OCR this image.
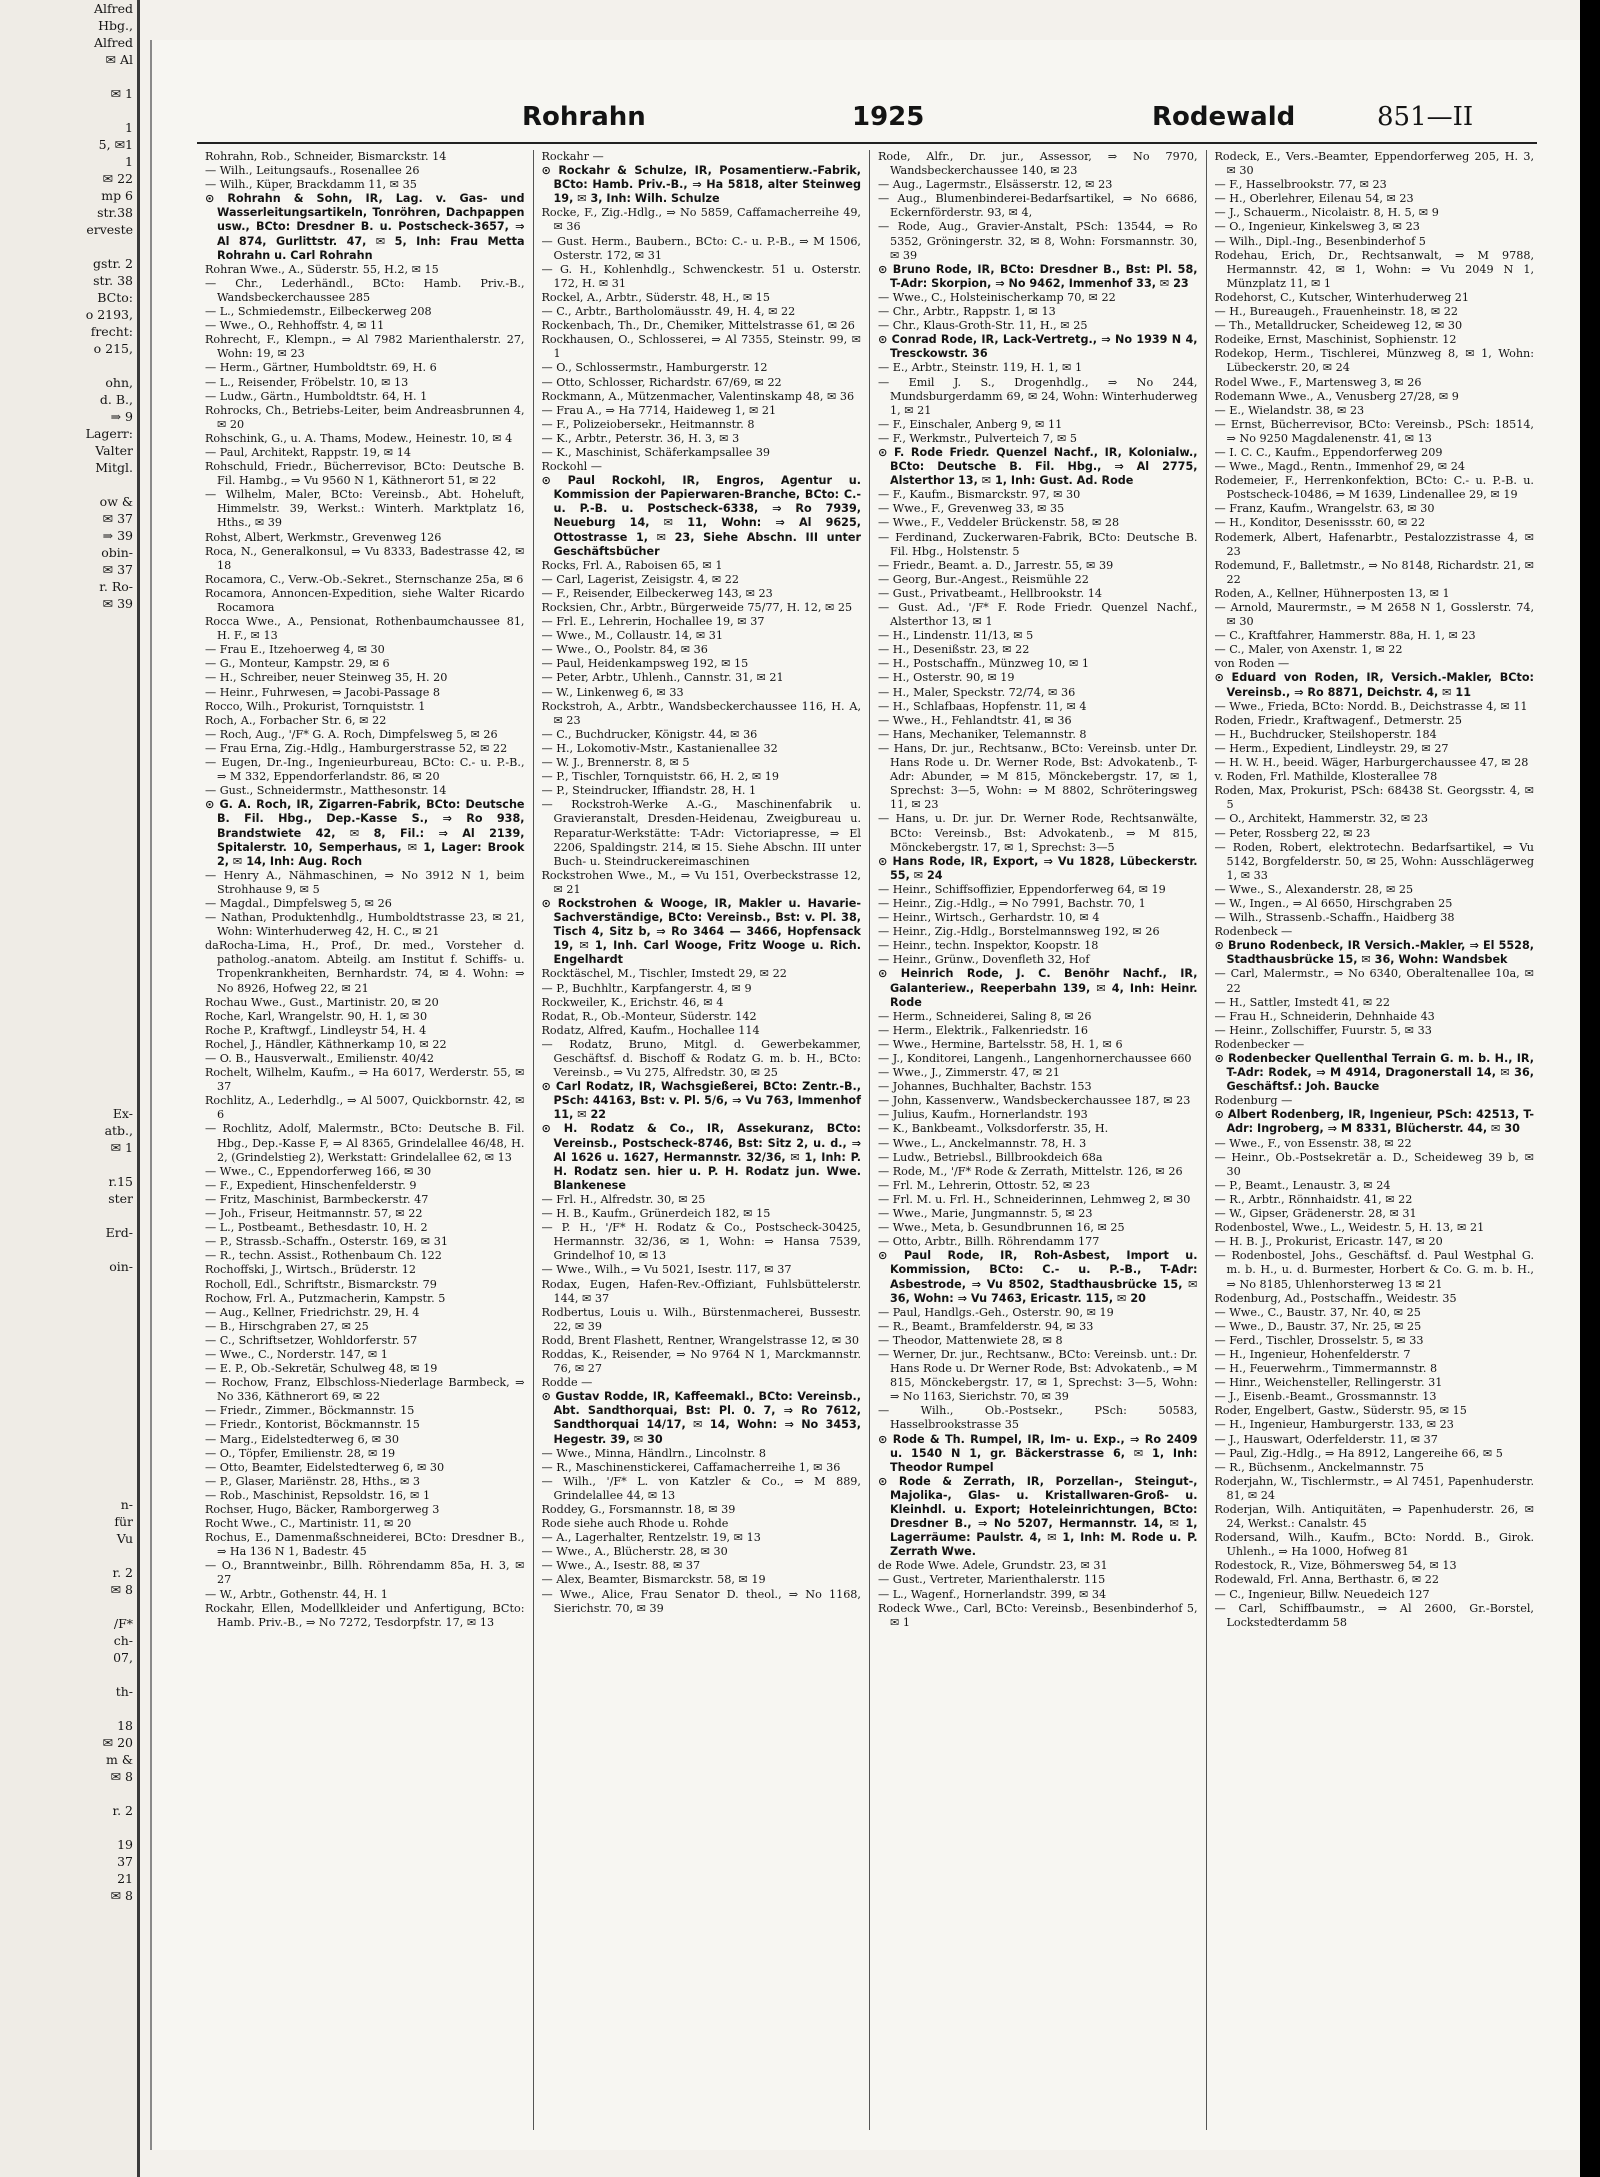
Alfred
Hbg.,
Alfred
✉ Al

✉ 1

1
5, ✉1
1
✉ 22
mp 6
str.38
erveste

gstr. 2
str. 38
BCto:
o 2193,
frecht:
o 215,

ohn,
d. B.,
⇒ 9
Lagerr:
Valter
Mitgl.

ow &
✉ 37
⇒ 39
obin-
✉ 37
r. Ro-
✉ 39

Ex-
atb.,
✉ 1

r.15
ster

Erd-

oin-

n-
für
Vu

r. 2
✉ 8

/F*
ch-
07,

th-

18
✉ 20
m &
✉ 8

r. 2

19
37
21
✉ 8

Rohrahn	1925	Rodewald	851—II

Rohrahn, Rob., Schneider, Bismarckstr. 14

— Wilh., Leitungsaufs., Rosenallee 26

— Wilh., Küper, Brackdamm 11, ✉ 35

⊙ Rohrahn & Sohn, IR, Lag. v. Gas- und Wasserleitungsartikeln, Tonröhren, Dachpappen usw., BCto: Dresdner B. u. Postscheck-3657, ⇒ Al 874, Gurlittstr. 47, ✉ 5, Inh: Frau Metta Rohrahn u. Carl Rohrahn

Rohran Wwe., A., Süderstr. 55, H.2, ✉ 15

— Chr., Lederhändl., BCto: Hamb. Priv.-B., Wandsbeckerchaussee 285

— L., Schmiedemstr., Eilbeckerweg 208

— Wwe., O., Rehhoffstr. 4, ✉ 11

Rohrecht, F., Klempn., ⇒ Al 7982 Marienthalerstr. 27, Wohn: 19, ✉ 23

— Herm., Gärtner, Humboldtstr. 69, H. 6

— L., Reisender, Fröbelstr. 10, ✉ 13

— Ludw., Gärtn., Humboldtstr. 64, H. 1

Rohrocks, Ch., Betriebs-Leiter, beim Andreasbrunnen 4, ✉ 20

Rohschink, G., u. A. Thams, Modew., Heinestr. 10, ✉ 4

— Paul, Architekt, Rappstr. 19, ✉ 14

Rohschuld, Friedr., Bücherrevisor, BCto: Deutsche B. Fil. Hambg., ⇒ Vu 9560 N 1, Käthnerort 51, ✉ 22

— Wilhelm, Maler, BCto: Vereinsb., Abt. Hoheluft, Himmelstr. 39, Werkst.: Winterh. Marktplatz 16, Hths., ✉ 39

Rohst, Albert, Werkmstr., Grevenweg 126

Roca, N., Generalkonsul, ⇒ Vu 8333, Badestrasse 42, ✉ 18

Rocamora, C., Verw.-Ob.-Sekret., Sternschanze 25a, ✉ 6

Rocamora, Annoncen-Expedition, siehe Walter Ricardo Rocamora

Rocca Wwe., A., Pensionat, Rothenbaumchaussee 81, H. F., ✉ 13

— Frau E., Itzehoerweg 4, ✉ 30

— G., Monteur, Kampstr. 29, ✉ 6

— H., Schreiber, neuer Steinweg 35, H. 20

— Heinr., Fuhrwesen, ⇒ Jacobi-Passage 8

Rocco, Wilh., Prokurist, Tornquiststr. 1

Roch, A., Forbacher Str. 6, ✉ 22

— Roch, Aug., '/F* G. A. Roch, Dimpfelsweg 5, ✉ 26

— Frau Erna, Zig.-Hdlg., Hamburgerstrasse 52, ✉ 22

— Eugen, Dr.-Ing., Ingenieurbureau, BCto: C.- u. P.-B., ⇒ M 332, Eppendorferlandstr. 86, ✉ 20

— Gust., Schneidermstr., Matthesonstr. 14

⊙ G. A. Roch, IR, Zigarren-Fabrik, BCto: Deutsche B. Fil. Hbg., Dep.-Kasse S., ⇒ Ro 938, Brandstwiete 42, ✉ 8, Fil.: ⇒ Al 2139, Spitalerstr. 10, Semperhaus, ✉ 1, Lager: Brook 2, ✉ 14, Inh: Aug. Roch

— Henry A., Nähmaschinen, ⇒ No 3912 N 1, beim Strohhause 9, ✉ 5

— Magdal., Dimpfelsweg 5, ✉ 26

— Nathan, Produktenhdlg., Humboldtstrasse 23, ✉ 21, Wohn: Winterhuderweg 42, H. C., ✉ 21

daRocha-Lima, H., Prof., Dr. med., Vorsteher d. patholog.-anatom. Abteilg. am Institut f. Schiffs- u. Tropenkrankheiten, Bernhardstr. 74, ✉ 4. Wohn: ⇒ No 8926, Hofweg 22, ✉ 21

Rochau Wwe., Gust., Martinistr. 20, ✉ 20

Roche, Karl, Wrangelstr. 90, H. 1, ✉ 30

Roche P., Kraftwgf., Lindleystr 54, H. 4

Rochel, J., Händler, Käthnerkamp 10, ✉ 22

— O. B., Hausverwalt., Emilienstr. 40/42

Rochelt, Wilhelm, Kaufm., ⇒ Ha 6017, Werderstr. 55, ✉ 37

Rochlitz, A., Lederhdlg., ⇒ Al 5007, Quickbornstr. 42, ✉ 6

— Rochlitz, Adolf, Malermstr., BCto: Deutsche B. Fil. Hbg., Dep.-Kasse F, ⇒ Al 8365, Grindelallee 46/48, H. 2, (Grindelstieg 2), Werkstatt: Grindelallee 62, ✉ 13

— Wwe., C., Eppendorferweg 166, ✉ 30

— F., Expedient, Hinschenfelderstr. 9

— Fritz, Maschinist, Barmbeckerstr. 47

— Joh., Friseur, Heitmannstr. 57, ✉ 22

— L., Postbeamt., Bethesdastr. 10, H. 2

— P., Strassb.-Schaffn., Osterstr. 169, ✉ 31

— R., techn. Assist., Rothenbaum Ch. 122

Rochoffski, J., Wirtsch., Brüderstr. 12

Rocholl, Edl., Schriftstr., Bismarckstr. 79

Rochow, Frl. A., Putzmacherin, Kampstr. 5

— Aug., Kellner, Friedrichstr. 29, H. 4

— B., Hirschgraben 27, ✉ 25

— C., Schriftsetzer, Wohldorferstr. 57

— Wwe., C., Norderstr. 147, ✉ 1

— E. P., Ob.-Sekretär, Schulweg 48, ✉ 19

— Rochow, Franz, Elbschloss-Niederlage Barmbeck, ⇒ No 336, Käthnerort 69, ✉ 22

— Friedr., Zimmer., Böckmannstr. 15

— Friedr., Kontorist, Böckmannstr. 15

— Marg., Eidelstedterweg 6, ✉ 30

— O., Töpfer, Emilienstr. 28, ✉ 19

— Otto, Beamter, Eidelstedterweg 6, ✉ 30

— P., Glaser, Mariënstr. 28, Hths., ✉ 3

— Rob., Maschinist, Repsoldstr. 16, ✉ 1

Rochser, Hugo, Bäcker, Ramborgerweg 3

Rocht Wwe., C., Martinistr. 11, ✉ 20

Rochus, E., Damenmaßschneiderei, BCto: Dresdner B., ⇒ Ha 136 N 1, Badestr. 45

— O., Branntweinbr., Billh. Röhrendamm 85a, H. 3, ✉ 27

— W., Arbtr., Gothenstr. 44, H. 1

Rockahr, Ellen, Modellkleider und Anfertigung, BCto: Hamb. Priv.-B., ⇒ No 7272, Tesdorpfstr. 17, ✉ 13

Rockahr —

⊙ Rockahr & Schulze, IR, Posamentierw.-Fabrik, BCto: Hamb. Priv.-B., ⇒ Ha 5818, alter Steinweg 19, ✉ 3, Inh: Wilh. Schulze

Rocke, F., Zig.-Hdlg., ⇒ No 5859, Caffamacherreihe 49, ✉ 36

— Gust. Herm., Baubern., BCto: C.- u. P.-B., ⇒ M 1506, Osterstr. 172, ✉ 31

— G. H., Kohlenhdlg., Schwenckestr. 51 u. Osterstr. 172, H. ✉ 31

Rockel, A., Arbtr., Süderstr. 48, H., ✉ 15

— C., Arbtr., Bartholomäusstr. 49, H. 4, ✉ 22

Rockenbach, Th., Dr., Chemiker, Mittelstrasse 61, ✉ 26

Rockhausen, O., Schlosserei, ⇒ Al 7355, Steinstr. 99, ✉ 1

— O., Schlossermstr., Hamburgerstr. 12

— Otto, Schlosser, Richardstr. 67/69, ✉ 22

Rockmann, A., Mützenmacher, Valentinskamp 48, ✉ 36

— Frau A., ⇒ Ha 7714, Haideweg 1, ✉ 21

— F., Polizeiobersekr., Heitmannstr. 8

— K., Arbtr., Peterstr. 36, H. 3, ✉ 3

— K., Maschinist, Schäferkampsallee 39

Rockohl —

⊙ Paul Rockohl, IR, Engros, Agentur u. Kommission der Papierwaren-Branche, BCto: C.- u. P.-B. u. Postscheck-6338, ⇒ Ro 7939, Neueburg 14, ✉ 11, Wohn: ⇒ Al 9625, Ottostrasse 1, ✉ 23, Siehe Abschn. III unter Geschäftsbücher

Rocks, Frl. A., Raboisen 65, ✉ 1

— Carl, Lagerist, Zeisigstr. 4, ✉ 22

— F., Reisender, Eilbeckerweg 143, ✉ 23

Rocksien, Chr., Arbtr., Bürgerweide 75/77, H. 12, ✉ 25

— Frl. E., Lehrerin, Hochallee 19, ✉ 37

— Wwe., M., Collaustr. 14, ✉ 31

— Wwe., O., Poolstr. 84, ✉ 36

— Paul, Heidenkampsweg 192, ✉ 15

— Peter, Arbtr., Uhlenh., Cannstr. 31, ✉ 21

— W., Linkenweg 6, ✉ 33

Rockstroh, A., Arbtr., Wandsbeckerchaussee 116, H. A, ✉ 23

— C., Buchdrucker, Königstr. 44, ✉ 36

— H., Lokomotiv-Mstr., Kastanienallee 32

— W. J., Brennerstr. 8, ✉ 5

— P., Tischler, Tornquiststr. 66, H. 2, ✉ 19

— P., Steindrucker, Iffiandstr. 28, H. 1

— Rockstroh-Werke A.-G., Maschinenfabrik u. Gravieranstalt, Dresden-Heidenau, Zweigbureau u. Reparatur-Werkstätte: T-Adr: Victoriapresse, ⇒ El 2206, Spaldingstr. 214, ✉ 15. Siehe Abschn. III unter Buch- u. Steindruckereimaschinen

Rockstrohen Wwe., M., ⇒ Vu 151, Overbeckstrasse 12, ✉ 21

⊙ Rockstrohen & Wooge, IR, Makler u. Havarie-Sachverständige, BCto: Vereinsb., Bst: v. Pl. 38, Tisch 4, Sitz b, ⇒ Ro 3464 — 3466, Hopfensack 19, ✉ 1, Inh. Carl Wooge, Fritz Wooge u. Rich. Engelhardt

Rocktäschel, M., Tischler, Imstedt 29, ✉ 22

— P., Buchhltr., Karpfangerstr. 4, ✉ 9

Rockweiler, K., Erichstr. 46, ✉ 4

Rodat, R., Ob.-Monteur, Süderstr. 142

Rodatz, Alfred, Kaufm., Hochallee 114

— Rodatz, Bruno, Mitgl. d. Gewerbekammer, Geschäftsf. d. Bischoff & Rodatz G. m. b. H., BCto: Vereinsb., ⇒ Vu 275, Alfredstr. 30, ✉ 25

⊙ Carl Rodatz, IR, Wachsgießerei, BCto: Zentr.-B., PSch: 44163, Bst: v. Pl. 5/6, ⇒ Vu 763, Immenhof 11, ✉ 22

⊙ H. Rodatz & Co., IR, Assekuranz, BCto: Vereinsb., Postscheck-8746, Bst: Sitz 2, u. d., ⇒ Al 1626 u. 1627, Hermannstr. 32/36, ✉ 1, Inh: P. H. Rodatz sen. hier u. P. H. Rodatz jun. Wwe. Blankenese

— Frl. H., Alfredstr. 30, ✉ 25

— H. B., Kaufm., Grünerdeich 182, ✉ 15

— P. H., '/F* H. Rodatz & Co., Postscheck-30425, Hermannstr. 32/36, ✉ 1, Wohn: ⇒ Hansa 7539, Grindelhof 10, ✉ 13

— Wwe., Wilh., ⇒ Vu 5021, Isestr. 117, ✉ 37

Rodax, Eugen, Hafen-Rev.-Offiziant, Fuhlsbüttelerstr. 144, ✉ 37

Rodbertus, Louis u. Wilh., Bürstenmacherei, Bussestr. 22, ✉ 39

Rodd, Brent Flashett, Rentner, Wrangelstrasse 12, ✉ 30

Roddas, K., Reisender, ⇒ No 9764 N 1, Marckmannstr. 76, ✉ 27

Rodde —

⊙ Gustav Rodde, IR, Kaffeemakl., BCto: Vereinsb., Abt. Sandthorquai, Bst: Pl. 0. 7, ⇒ Ro 7612, Sandthorquai 14/17, ✉ 14, Wohn: ⇒ No 3453, Hegestr. 39, ✉ 30

— Wwe., Minna, Händlrn., Lincolnstr. 8

— R., Maschinenstickerei, Caffamacherreihe 1, ✉ 36

— Wilh., '/F* L. von Katzler & Co., ⇒ M 889, Grindelallee 44, ✉ 13

Roddey, G., Forsmannstr. 18, ✉ 39

Rode siehe auch Rhode u. Rohde

— A., Lagerhalter, Rentzelstr. 19, ✉ 13

— Wwe., A., Blücherstr. 28, ✉ 30

— Wwe., A., Isestr. 88, ✉ 37

— Alex, Beamter, Bismarckstr. 58, ✉ 19

— Wwe., Alice, Frau Senator D. theol., ⇒ No 1168, Sierichstr. 70, ✉ 39

Rode, Alfr., Dr. jur., Assessor, ⇒ No 7970, Wandsbeckerchaussee 140, ✉ 23

— Aug., Lagermstr., Elsässerstr. 12, ✉ 23

— Aug., Blumenbinderei-Bedarfsartikel, ⇒ No 6686, Eckernförderstr. 93, ✉ 4,

— Rode, Aug., Gravier-Anstalt, PSch: 13544, ⇒ Ro 5352, Gröningerstr. 32, ✉ 8, Wohn: Forsmannstr. 30, ✉ 39

⊙ Bruno Rode, IR, BCto: Dresdner B., Bst: Pl. 58, T-Adr: Skorpion, ⇒ No 9462, Immenhof 33, ✉ 23

— Wwe., C., Holsteinischerkamp 70, ✉ 22

— Chr., Arbtr., Rappstr. 1, ✉ 13

— Chr., Klaus-Groth-Str. 11, H., ✉ 25

⊙ Conrad Rode, IR, Lack-Vertretg., ⇒ No 1939 N 4, Tresckowstr. 36

— E., Arbtr., Steinstr. 119, H. 1, ✉ 1

— Emil J. S., Drogenhdlg., ⇒ No 244, Mundsburgerdamm 69, ✉ 24, Wohn: Winterhuderweg 1, ✉ 21

— F., Einschaler, Anberg 9, ✉ 11

— F., Werkmstr., Pulverteich 7, ✉ 5

⊙ F. Rode Friedr. Quenzel Nachf., IR, Kolonialw., BCto: Deutsche B. Fil. Hbg., ⇒ Al 2775, Alsterthor 13, ✉ 1, Inh: Gust. Ad. Rode

— F., Kaufm., Bismarckstr. 97, ✉ 30

— Wwe., F., Grevenweg 33, ✉ 35

— Wwe., F., Veddeler Brückenstr. 58, ✉ 28

— Ferdinand, Zuckerwaren-Fabrik, BCto: Deutsche B. Fil. Hbg., Holstenstr. 5

— Friedr., Beamt. a. D., Jarrestr. 55, ✉ 39

— Georg, Bur.-Angest., Reismühle 22

— Gust., Privatbeamt., Hellbrookstr. 14

— Gust. Ad., '/F* F. Rode Friedr. Quenzel Nachf., Alsterthor 13, ✉ 1

— H., Lindenstr. 11/13, ✉ 5

— H., Desenißstr. 23, ✉ 22

— H., Postschaffn., Münzweg 10, ✉ 1

— H., Osterstr. 90, ✉ 19

— H., Maler, Speckstr. 72/74, ✉ 36

— H., Schlafbaas, Hopfenstr. 11, ✉ 4

— Wwe., H., Fehlandtstr. 41, ✉ 36

— Hans, Mechaniker, Telemannstr. 8

— Hans, Dr. jur., Rechtsanw., BCto: Vereinsb. unter Dr. Hans Rode u. Dr. Werner Rode, Bst: Advokatenb., T-Adr: Abunder, ⇒ M 815, Mönckebergstr. 17, ✉ 1, Sprechst: 3—5, Wohn: ⇒ M 8802, Schröteringsweg 11, ✉ 23

— Hans, u. Dr. jur. Dr. Werner Rode, Rechtsanwälte, BCto: Vereinsb., Bst: Advokatenb., ⇒ M 815, Mönckebergstr. 17, ✉ 1, Sprechst: 3—5

⊙ Hans Rode, IR, Export, ⇒ Vu 1828, Lübeckerstr. 55, ✉ 24

— Heinr., Schiffsoffizier, Eppendorferweg 64, ✉ 19

— Heinr., Zig.-Hdlg., ⇒ No 7991, Bachstr. 70, 1

— Heinr., Wirtsch., Gerhardstr. 10, ✉ 4

— Heinr., Zig.-Hdlg., Borstelmannsweg 192, ✉ 26

— Heinr., techn. Inspektor, Koopstr. 18

— Heinr., Grünw., Dovenfleth 32, Hof

⊙ Heinrich Rode, J. C. Benöhr Nachf., IR, Galanteriew., Reeperbahn 139, ✉ 4, Inh: Heinr. Rode

— Herm., Schneiderei, Saling 8, ✉ 26

— Herm., Elektrik., Falkenriedstr. 16

— Wwe., Hermine, Bartelsstr. 58, H. 1, ✉ 6

— J., Konditorei, Langenh., Langenhornerchaussee 660

— Wwe., J., Zimmerstr. 47, ✉ 21

— Johannes, Buchhalter, Bachstr. 153

— John, Kassenverw., Wandsbeckerchaussee 187, ✉ 23

— Julius, Kaufm., Hornerlandstr. 193

— K., Bankbeamt., Volksdorferstr. 35, H.

— Wwe., L., Anckelmannstr. 78, H. 3

— Ludw., Betriebsl., Billbrookdeich 68a

— Rode, M., '/F* Rode & Zerrath, Mittelstr. 126, ✉ 26

— Frl. M., Lehrerin, Ottostr. 52, ✉ 23

— Frl. M. u. Frl. H., Schneiderinnen, Lehmweg 2, ✉ 30

— Wwe., Marie, Jungmannstr. 5, ✉ 23

— Wwe., Meta, b. Gesundbrunnen 16, ✉ 25

— Otto, Arbtr., Billh. Röhrendamm 177

⊙ Paul Rode, IR, Roh-Asbest, Import u. Kommission, BCto: C.- u. P.-B., T-Adr: Asbestrode, ⇒ Vu 8502, Stadthausbrücke 15, ✉ 36, Wohn: ⇒ Vu 7463, Ericastr. 115, ✉ 20

— Paul, Handlgs.-Geh., Osterstr. 90, ✉ 19

— R., Beamt., Bramfelderstr. 94, ✉ 33

— Theodor, Mattenwiete 28, ✉ 8

— Werner, Dr. jur., Rechtsanw., BCto: Vereinsb. unt.: Dr. Hans Rode u. Dr Werner Rode, Bst: Advokatenb., ⇒ M 815, Mönckebergstr. 17, ✉ 1, Sprechst: 3—5, Wohn: ⇒ No 1163, Sierichstr. 70, ✉ 39

— Wilh., Ob.-Postsekr., PSch: 50583, Hasselbrookstrasse 35

⊙ Rode & Th. Rumpel, IR, Im- u. Exp., ⇒ Ro 2409 u. 1540 N 1, gr. Bäckerstrasse 6, ✉ 1, Inh: Theodor Rumpel

⊙ Rode & Zerrath, IR, Porzellan-, Steingut-, Majolika-, Glas- u. Kristallwaren-Groß- u. Kleinhdl. u. Export; Hoteleinrichtungen, BCto: Dresdner B., ⇒ No 5207, Hermannstr. 14, ✉ 1, Lagerräume: Paulstr. 4, ✉ 1, Inh: M. Rode u. P. Zerrath Wwe.

de Rode Wwe. Adele, Grundstr. 23, ✉ 31

— Gust., Vertreter, Marienthalerstr. 115

— L., Wagenf., Hornerlandstr. 399, ✉ 34

Rodeck Wwe., Carl, BCto: Vereinsb., Besenbinderhof 5, ✉ 1

Rodeck, E., Vers.-Beamter, Eppendorferweg 205, H. 3, ✉ 30

— F., Hasselbrookstr. 77, ✉ 23

— H., Oberlehrer, Eilenau 54, ✉ 23

— J., Schauerm., Nicolaistr. 8, H. 5, ✉ 9

— O., Ingenieur, Kinkelsweg 3, ✉ 23

— Wilh., Dipl.-Ing., Besenbinderhof 5

Rodehau, Erich, Dr., Rechtsanwalt, ⇒ M 9788, Hermannstr. 42, ✉ 1, Wohn: ⇒ Vu 2049 N 1, Münzplatz 11, ✉ 1

Rodehorst, C., Kutscher, Winterhuderweg 21

— H., Bureaugeh., Frauenheinstr. 18, ✉ 22

— Th., Metalldrucker, Scheideweg 12, ✉ 30

Rodeike, Ernst, Maschinist, Sophienstr. 12

Rodekop, Herm., Tischlerei, Münzweg 8, ✉ 1, Wohn: Lübeckerstr. 20, ✉ 24

Rodel Wwe., F., Martensweg 3, ✉ 26

Rodemann Wwe., A., Venusberg 27/28, ✉ 9

— E., Wielandstr. 38, ✉ 23

— Ernst, Bücherrevisor, BCto: Vereinsb., PSch: 18514, ⇒ No 9250 Magdalenenstr. 41, ✉ 13

— I. C. C., Kaufm., Eppendorferweg 209

— Wwe., Magd., Rentn., Immenhof 29, ✉ 24

Rodemeier, F., Herrenkonfektion, BCto: C.- u. P.-B. u. Postscheck-10486, ⇒ M 1639, Lindenallee 29, ✉ 19

— Franz, Kaufm., Wrangelstr. 63, ✉ 30

— H., Konditor, Desenissstr. 60, ✉ 22

Rodemerk, Albert, Hafenarbtr., Pestalozzistrasse 4, ✉ 23

Rodemund, F., Balletmstr., ⇒ No 8148, Richardstr. 21, ✉ 22

Roden, A., Kellner, Hühnerposten 13, ✉ 1

— Arnold, Maurermstr., ⇒ M 2658 N 1, Gosslerstr. 74, ✉ 30

— C., Kraftfahrer, Hammerstr. 88a, H. 1, ✉ 23

— C., Maler, von Axenstr. 1, ✉ 22

von Roden —

⊙ Eduard von Roden, IR, Versich.-Makler, BCto: Vereinsb., ⇒ Ro 8871, Deichstr. 4, ✉ 11

— Wwe., Frieda, BCto: Nordd. B., Deichstrasse 4, ✉ 11

Roden, Friedr., Kraftwagenf., Detmerstr. 25

— H., Buchdrucker, Steilshoperstr. 184

— Herm., Expedient, Lindleystr. 29, ✉ 27

— H. W. H., beeid. Wäger, Harburgerchaussee 47, ✉ 28

v. Roden, Frl. Mathilde, Klosterallee 78

Roden, Max, Prokurist, PSch: 68438 St. Georgsstr. 4, ✉ 5

— O., Architekt, Hammerstr. 32, ✉ 23

— Peter, Rossberg 22, ✉ 23

— Roden, Robert, elektrotechn. Bedarfsartikel, ⇒ Vu 5142, Borgfelderstr. 50, ✉ 25, Wohn: Ausschlägerweg 1, ✉ 33

— Wwe., S., Alexanderstr. 28, ✉ 25

— W., Ingen., ⇒ Al 6650, Hirschgraben 25

— Wilh., Strassenb.-Schaffn., Haidberg 38

Rodenbeck —

⊙ Bruno Rodenbeck, IR Versich.-Makler, ⇒ El 5528, Stadthausbrücke 15, ✉ 36, Wohn: Wandsbek

— Carl, Malermstr., ⇒ No 6340, Oberaltenallee 10a, ✉ 22

— H., Sattler, Imstedt 41, ✉ 22

— Frau H., Schneiderin, Dehnhaide 43

— Heinr., Zollschiffer, Fuurstr. 5, ✉ 33

Rodenbecker —

⊙ Rodenbecker Quellenthal Terrain G. m. b. H., IR, T-Adr: Rodek, ⇒ M 4914, Dragonerstall 14, ✉ 36, Geschäftsf.: Joh. Baucke

Rodenburg —

⊙ Albert Rodenberg, IR, Ingenieur, PSch: 42513, T-Adr: Ingroberg, ⇒ M 8331, Blücherstr. 44, ✉ 30

— Wwe., F., von Essenstr. 38, ✉ 22

— Heinr., Ob.-Postsekretär a. D., Scheideweg 39 b, ✉ 30

— P., Beamt., Lenaustr. 3, ✉ 24

— R., Arbtr., Rönnhaidstr. 41, ✉ 22

— W., Gipser, Grädenerstr. 28, ✉ 31

Rodenbostel, Wwe., L., Weidestr. 5, H. 13, ✉ 21

— H. B. J., Prokurist, Ericastr. 147, ✉ 20

— Rodenbostel, Johs., Geschäftsf. d. Paul Westphal G. m. b. H., u. d. Burmester, Horbert & Co. G. m. b. H., ⇒ No 8185, Uhlenhorsterweg 13 ✉ 21

Rodenburg, Ad., Postschaffn., Weidestr. 35

— Wwe., C., Baustr. 37, Nr. 40, ✉ 25

— Wwe., D., Baustr. 37, Nr. 25, ✉ 25

— Ferd., Tischler, Drosselstr. 5, ✉ 33

— H., Ingenieur, Hohenfelderstr. 7

— H., Feuerwehrm., Timmermannstr. 8

— Hinr., Weichensteller, Rellingerstr. 31

— J., Eisenb.-Beamt., Grossmannstr. 13

Roder, Engelbert, Gastw., Süderstr. 95, ✉ 15

— H., Ingenieur, Hamburgerstr. 133, ✉ 23

— J., Hauswart, Oderfelderstr. 11, ✉ 37

— Paul, Zig.-Hdlg., ⇒ Ha 8912, Langereihe 66, ✉ 5

— R., Büchsenm., Anckelmannstr. 75

Roderjahn, W., Tischlermstr., ⇒ Al 7451, Papenhuderstr. 81, ✉ 24

Roderjan, Wilh. Antiquitäten, ⇒ Papenhuderstr. 26, ✉ 24, Werkst.: Canalstr. 45

Rodersand, Wilh., Kaufm., BCto: Nordd. B., Girok. Uhlenh., ⇒ Ha 1000, Hofweg 81

Rodestock, R., Vize, Böhmersweg 54, ✉ 13

Rodewald, Frl. Anna, Berthastr. 6, ✉ 22

— C., Ingenieur, Billw. Neuedeich 127

— Carl, Schiffbaumstr., ⇒ Al 2600, Gr.-Borstel, Lockstedterdamm 58
